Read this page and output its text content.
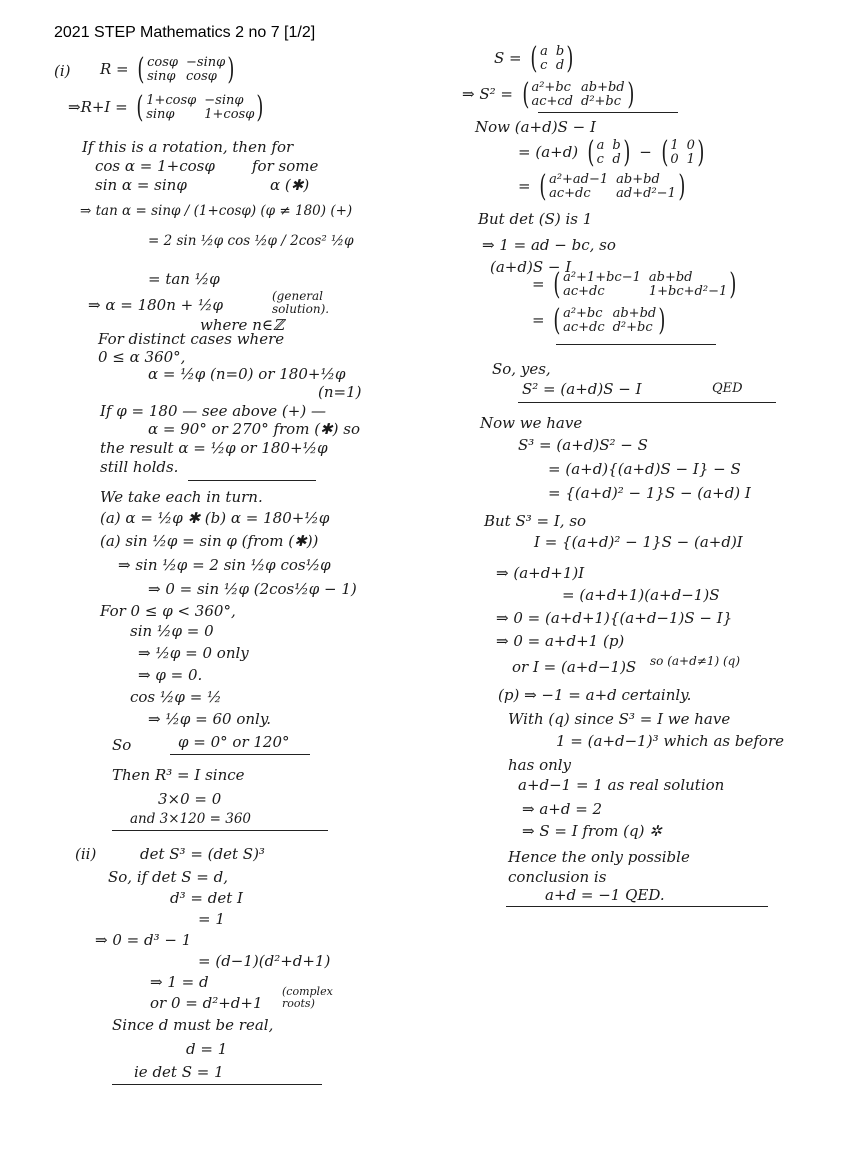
2021 STEP Mathematics 2 no 7 [1/2]
(i) R = ( cosφ −sinφ
sinφ cosφ )
⇒R+I = ( 1+cosφ −sinφ
sinφ	1+cosφ )
If this is a rotation, then for
cos α = 1+cosφ for some
sin α = sinφ	α (✱)
⇒ tan α = sinφ / (1+cosφ) (φ ≠ 180) (+)
= 2 sin ½φ cos ½φ / 2cos² ½φ
= tan ½φ
⇒ α = 180n + ½φ	(general solution).
where n∈ℤ
For distinct cases where
0 ≤ α 360°,
α = ½φ (n=0) or 180+½φ
(n=1)
If φ = 180 — see above (+) —
α = 90° or 270° from (✱) so
the result α = ½φ or 180+½φ
still holds.
We take each in turn.
(a) α = ½φ ✱ (b) α = 180+½φ
(a) sin ½φ = sin φ (from (✱))
⇒ sin ½φ = 2 sin ½φ cos½φ
⇒ 0 = sin ½φ (2cos½φ − 1)
For 0 ≤ φ < 360°,
sin ½φ = 0
⇒ ½φ = 0 only
⇒ φ = 0.
cos ½φ = ½
⇒ ½φ = 60 only.
So	φ = 0° or 120°
Then R³ = I since
3×0 = 0
and 3×120 = 360
(ii)	det S³ = (det S)³
So, if det S = d,
d³ = det I
= 1
⇒ 0 = d³ − 1
= (d−1)(d²+d+1)
⇒ 1 = d
or 0 = d²+d+1
(complex roots)
Since d must be real,
d = 1
ie det S = 1
S = ( a b
c d )
⇒ S² = ( a²+bc ab+bd
ac+cd d²+bc )
Now (a+d)S − I
= (a+d) ( a b
c d ) − ( 1 0
0 1 )
= ( a²+ad−1 ab+bd
ac+dc	ad+d²−1 )
But det (S) is 1
⇒ 1 = ad − bc, so
(a+d)S − I
= ( a²+1+bc−1 ab+bd
ac+dc	1+bc+d²−1 )
= ( a²+bc ab+bd
ac+dc d²+bc )
So, yes,
S² = (a+d)S − I	QED
Now we have
S³ = (a+d)S² − S
= (a+d){(a+d)S − I} − S
= {(a+d)² − 1}S − (a+d) I
But S³ = I, so
I = {(a+d)² − 1}S − (a+d)I
⇒ (a+d+1)I
= (a+d+1)(a+d−1)S
⇒ 0 = (a+d+1){(a+d−1)S − I}
⇒ 0 = a+d+1 (p)
or I = (a+d−1)S so (a+d≠1) (q)
(p) ⇒ −1 = a+d certainly.
With (q) since S³ = I we have
1 = (a+d−1)³ which as before
has only
a+d−1 = 1 as real solution
⇒ a+d = 2
⇒ S = I from (q) ✲
Hence the only possible
conclusion is
a+d = −1 QED.
